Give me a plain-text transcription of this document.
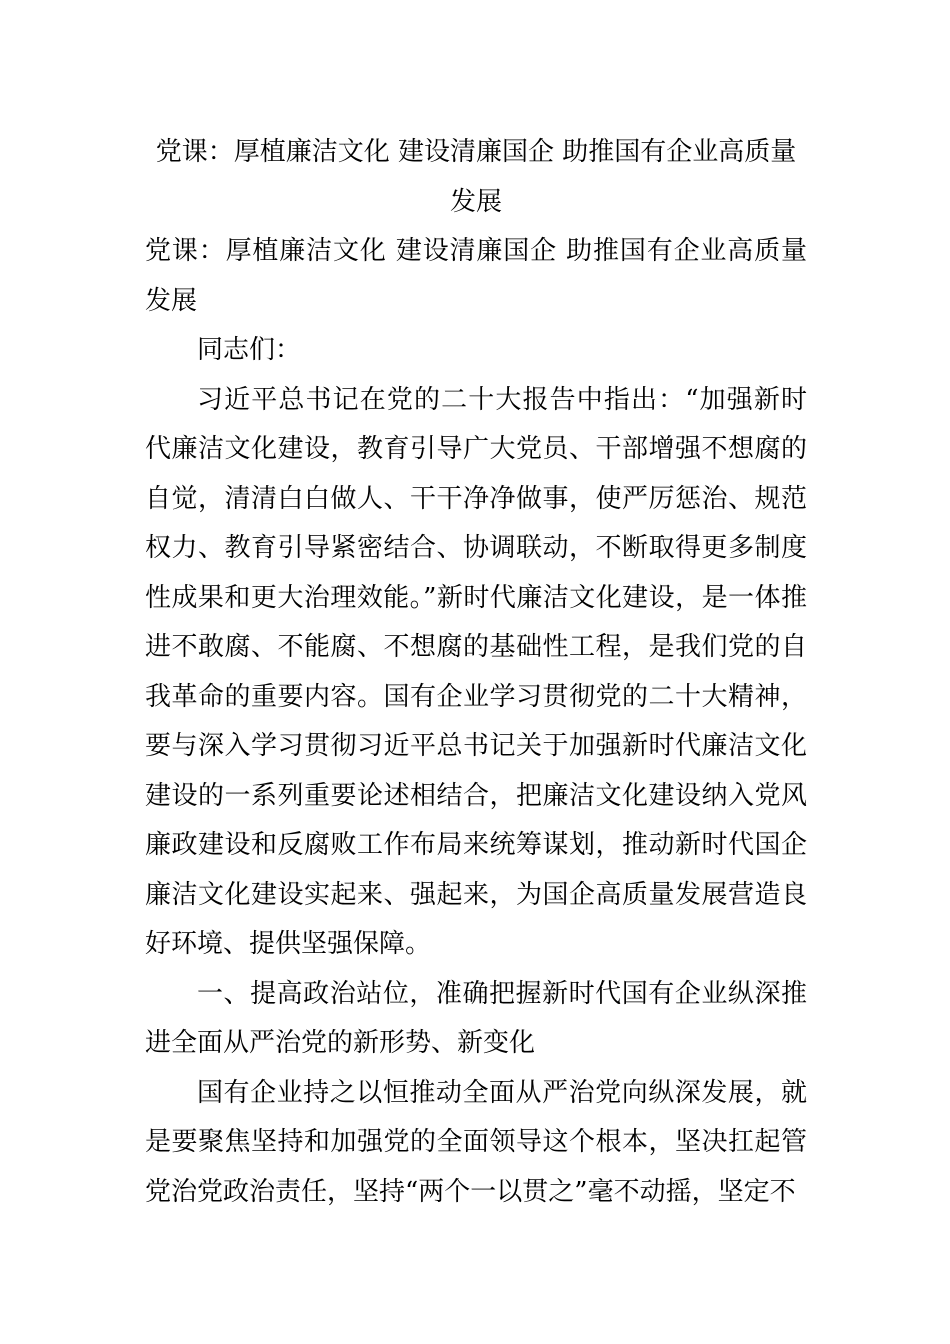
党课：厚植廉洁文化 建设清廉国企 助推国有企业高质量发展

党课：厚植廉洁文化 建设清廉国企 助推国有企业高质量发展

同志们：

习近平总书记在党的二十大报告中指出：“加强新时代廉洁文化建设，教育引导广大党员、干部增强不想腐的自觉，清清白白做人、干干净净做事，使严厉惩治、规范权力、教育引导紧密结合、协调联动，不断取得更多制度性成果和更大治理效能。”新时代廉洁文化建设，是一体推进不敢腐、不能腐、不想腐的基础性工程，是我们党的自我革命的重要内容。国有企业学习贯彻党的二十大精神，要与深入学习贯彻习近平总书记关于加强新时代廉洁文化建设的一系列重要论述相结合，把廉洁文化建设纳入党风廉政建设和反腐败工作布局来统筹谋划，推动新时代国企廉洁文化建设实起来、强起来，为国企高质量发展营造良好环境、提供坚强保障。

一、提高政治站位，准确把握新时代国有企业纵深推进全面从严治党的新形势、新变化

国有企业持之以恒推动全面从严治党向纵深发展，就是要聚焦坚持和加强党的全面领导这个根本，坚决扛起管党治党政治责任，坚持“两个一以贯之”毫不动摇，坚定不
